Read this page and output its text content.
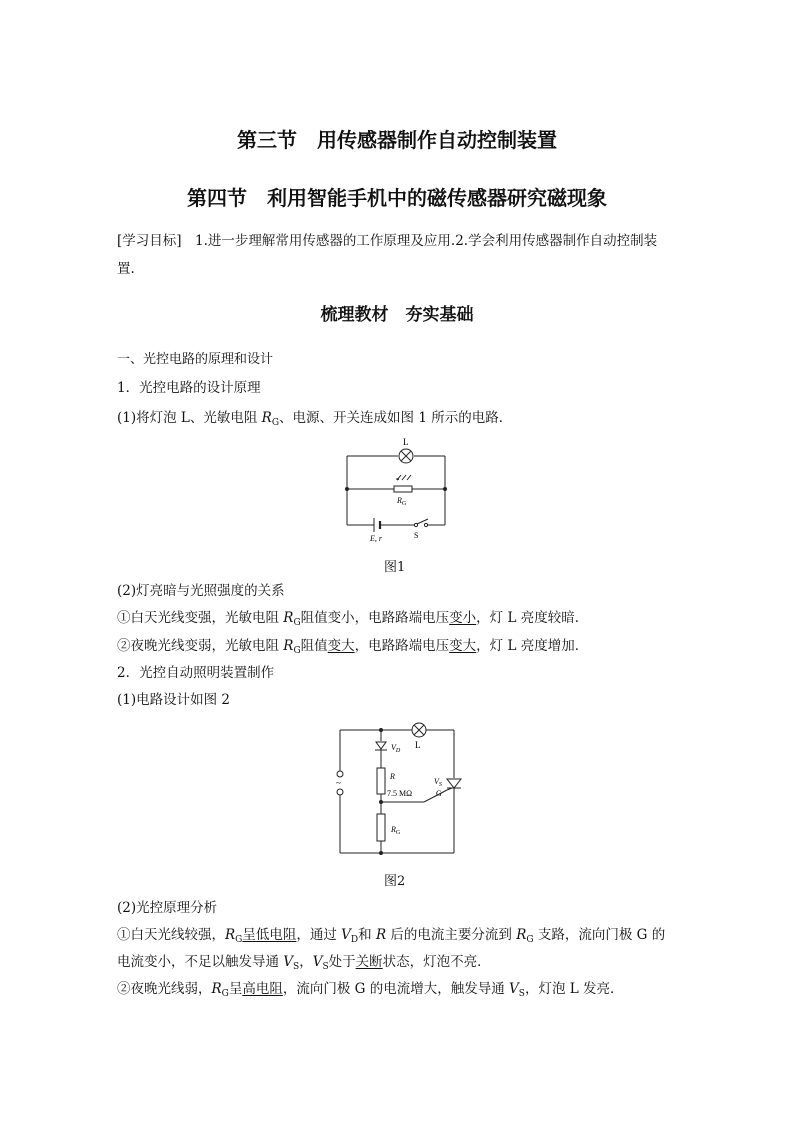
第三节　用传感器制作自动控制装置
第四节　利用智能手机中的磁传感器研究磁现象
[学习目标]　1.进一步理解常用传感器的工作原理及应用.2.学会利用传感器制作自动控制装
置.
梳理教材　夯实基础
一、光控电路的原理和设计
1．光控电路的设计原理
(1)将灯泡 L、光敏电阻 $R_G$、电源、开关连成如图 1 所示的电路．
L
$R_G$
E, r	S
图1
(2)灯亮暗与光照强度的关系
①白天光线变强，光敏电阻 $R_G$阻值变小，电路路端电压变小，灯 L 亮度较暗．
②夜晚光线变弱，光敏电阻 $R_G$阻值变大，电路路端电压变大，灯 L 亮度增加．
2．光控自动照明装置制作
(1)电路设计如图 2
$V_D$
L
R
7.5 MΩ
$R_G$
$V_S$
G
~
图2
(2)光控原理分析
①白天光线较强，$R_G$呈低电阻，通过 $V_D$和 R 后的电流主要分流到 $R_G$ 支路，流向门极 G 的
电流变小，不足以触发导通 $V_S$，$V_S$处于关断状态，灯泡不亮．
②夜晚光线弱，$R_G$呈高电阻，流向门极 G 的电流增大，触发导通 $V_S$，灯泡 L 发亮．
